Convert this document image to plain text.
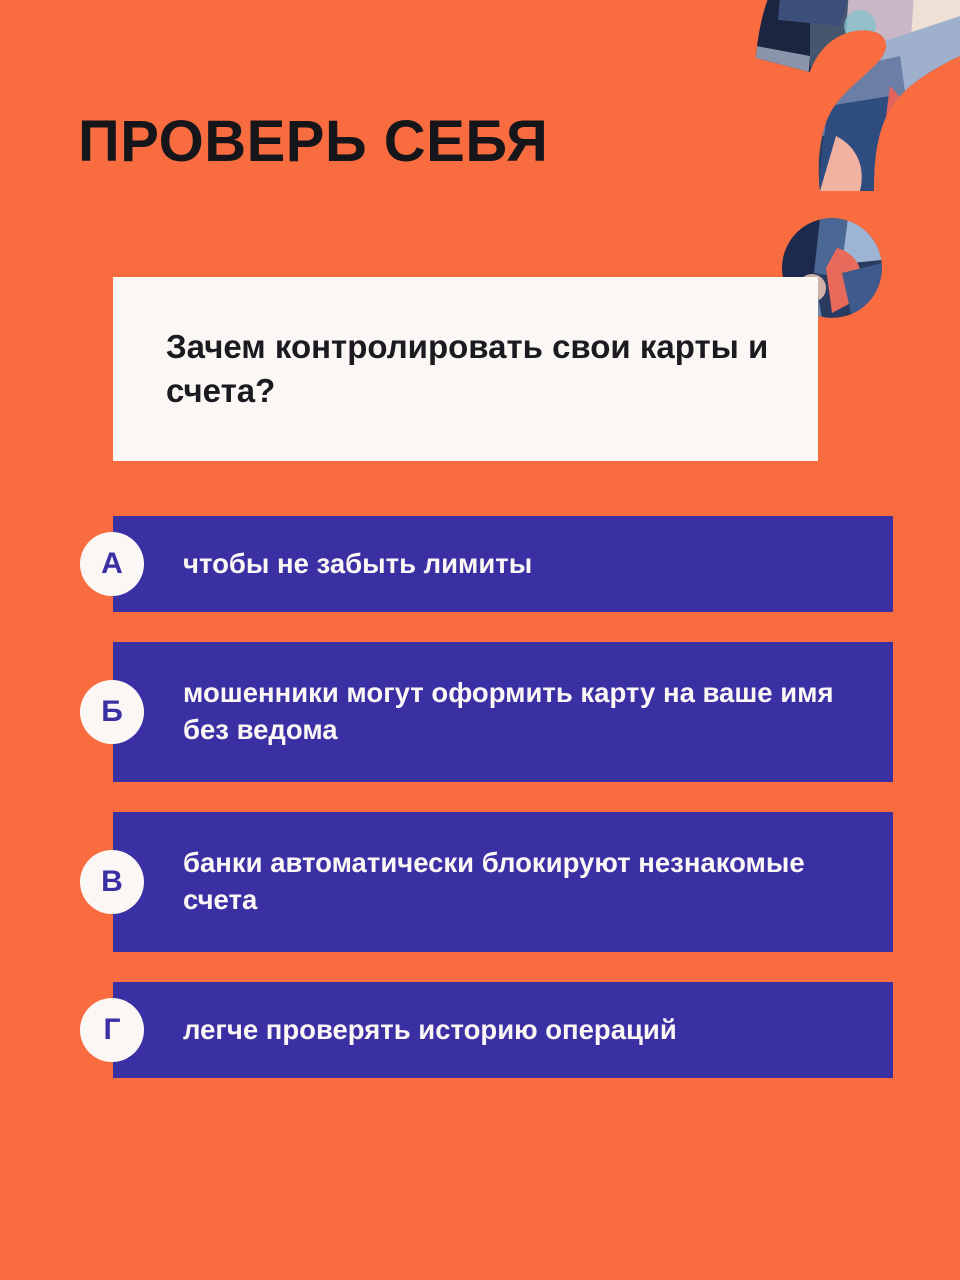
ПРОВЕРЬ СЕБЯ
Зачем контролировать свои карты и счета?
чтобы не забыть лимиты
А
мошенники могут оформить карту на ваше имя без ведома
Б
банки автоматически блокируют незнакомые счета
В
легче проверять историю операций
Г
